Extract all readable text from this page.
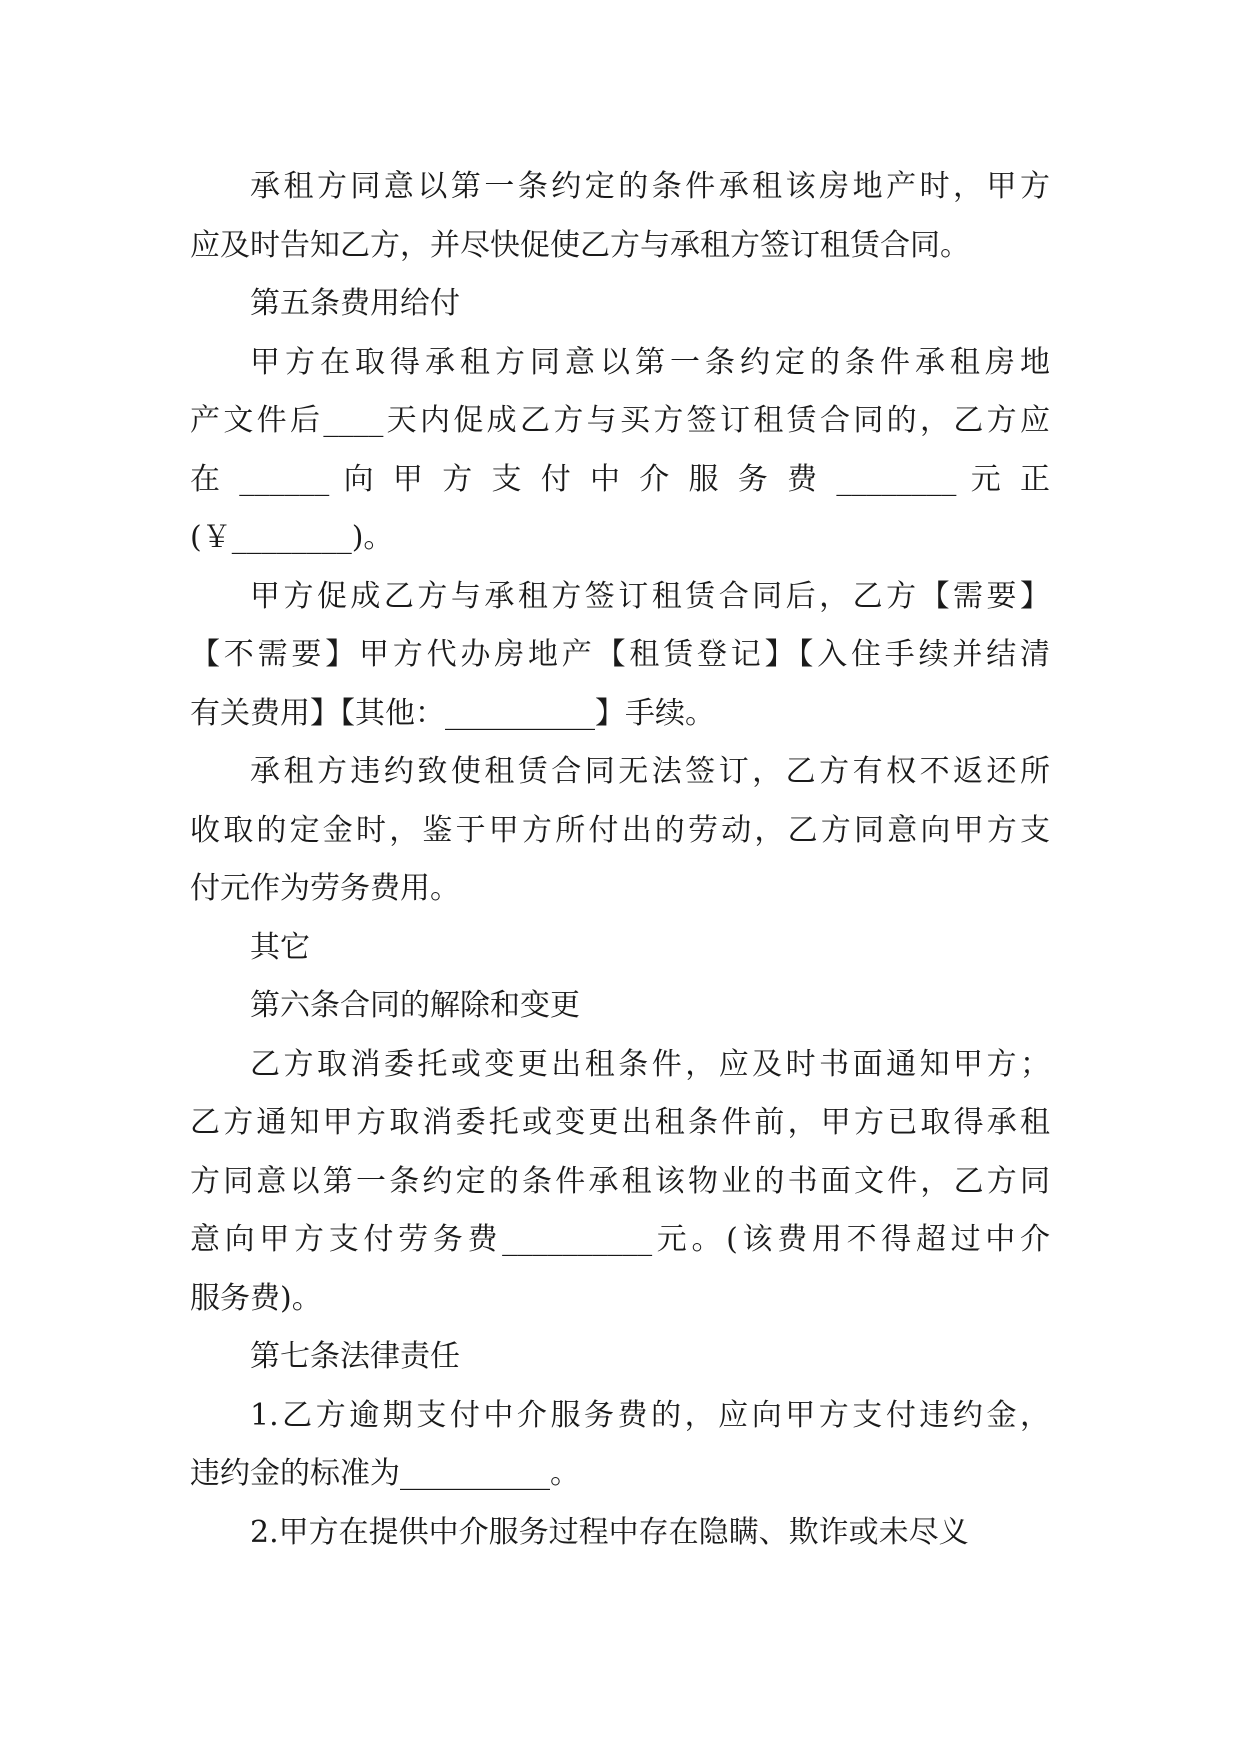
承租方同意以第一条约定的条件承租该房地产时，甲方
应及时告知乙方，并尽快促使乙方与承租方签订租赁合同。
第五条费用给付
甲方在取得承租方同意以第一条约定的条件承租房地
产文件后____天内促成乙方与买方签订租赁合同的，乙方应
在 ______ 向 甲 方 支 付 中 介 服 务 费 ________ 元 正
(￥________)。
甲方促成乙方与承租方签订租赁合同后，乙方【需要】
【不需要】甲方代办房地产【租赁登记】【入住手续并结清
有关费用】【其他：__________】手续。
承租方违约致使租赁合同无法签订，乙方有权不返还所
收取的定金时，鉴于甲方所付出的劳动，乙方同意向甲方支
付元作为劳务费用。
其它
第六条合同的解除和变更
乙方取消委托或变更出租条件，应及时书面通知甲方；
乙方通知甲方取消委托或变更出租条件前，甲方已取得承租
方同意以第一条约定的条件承租该物业的书面文件，乙方同
意向甲方支付劳务费__________元。(该费用不得超过中介
服务费)。
第七条法律责任
1.乙方逾期支付中介服务费的，应向甲方支付违约金，
违约金的标准为__________。
2.甲方在提供中介服务过程中存在隐瞒、欺诈或未尽义
